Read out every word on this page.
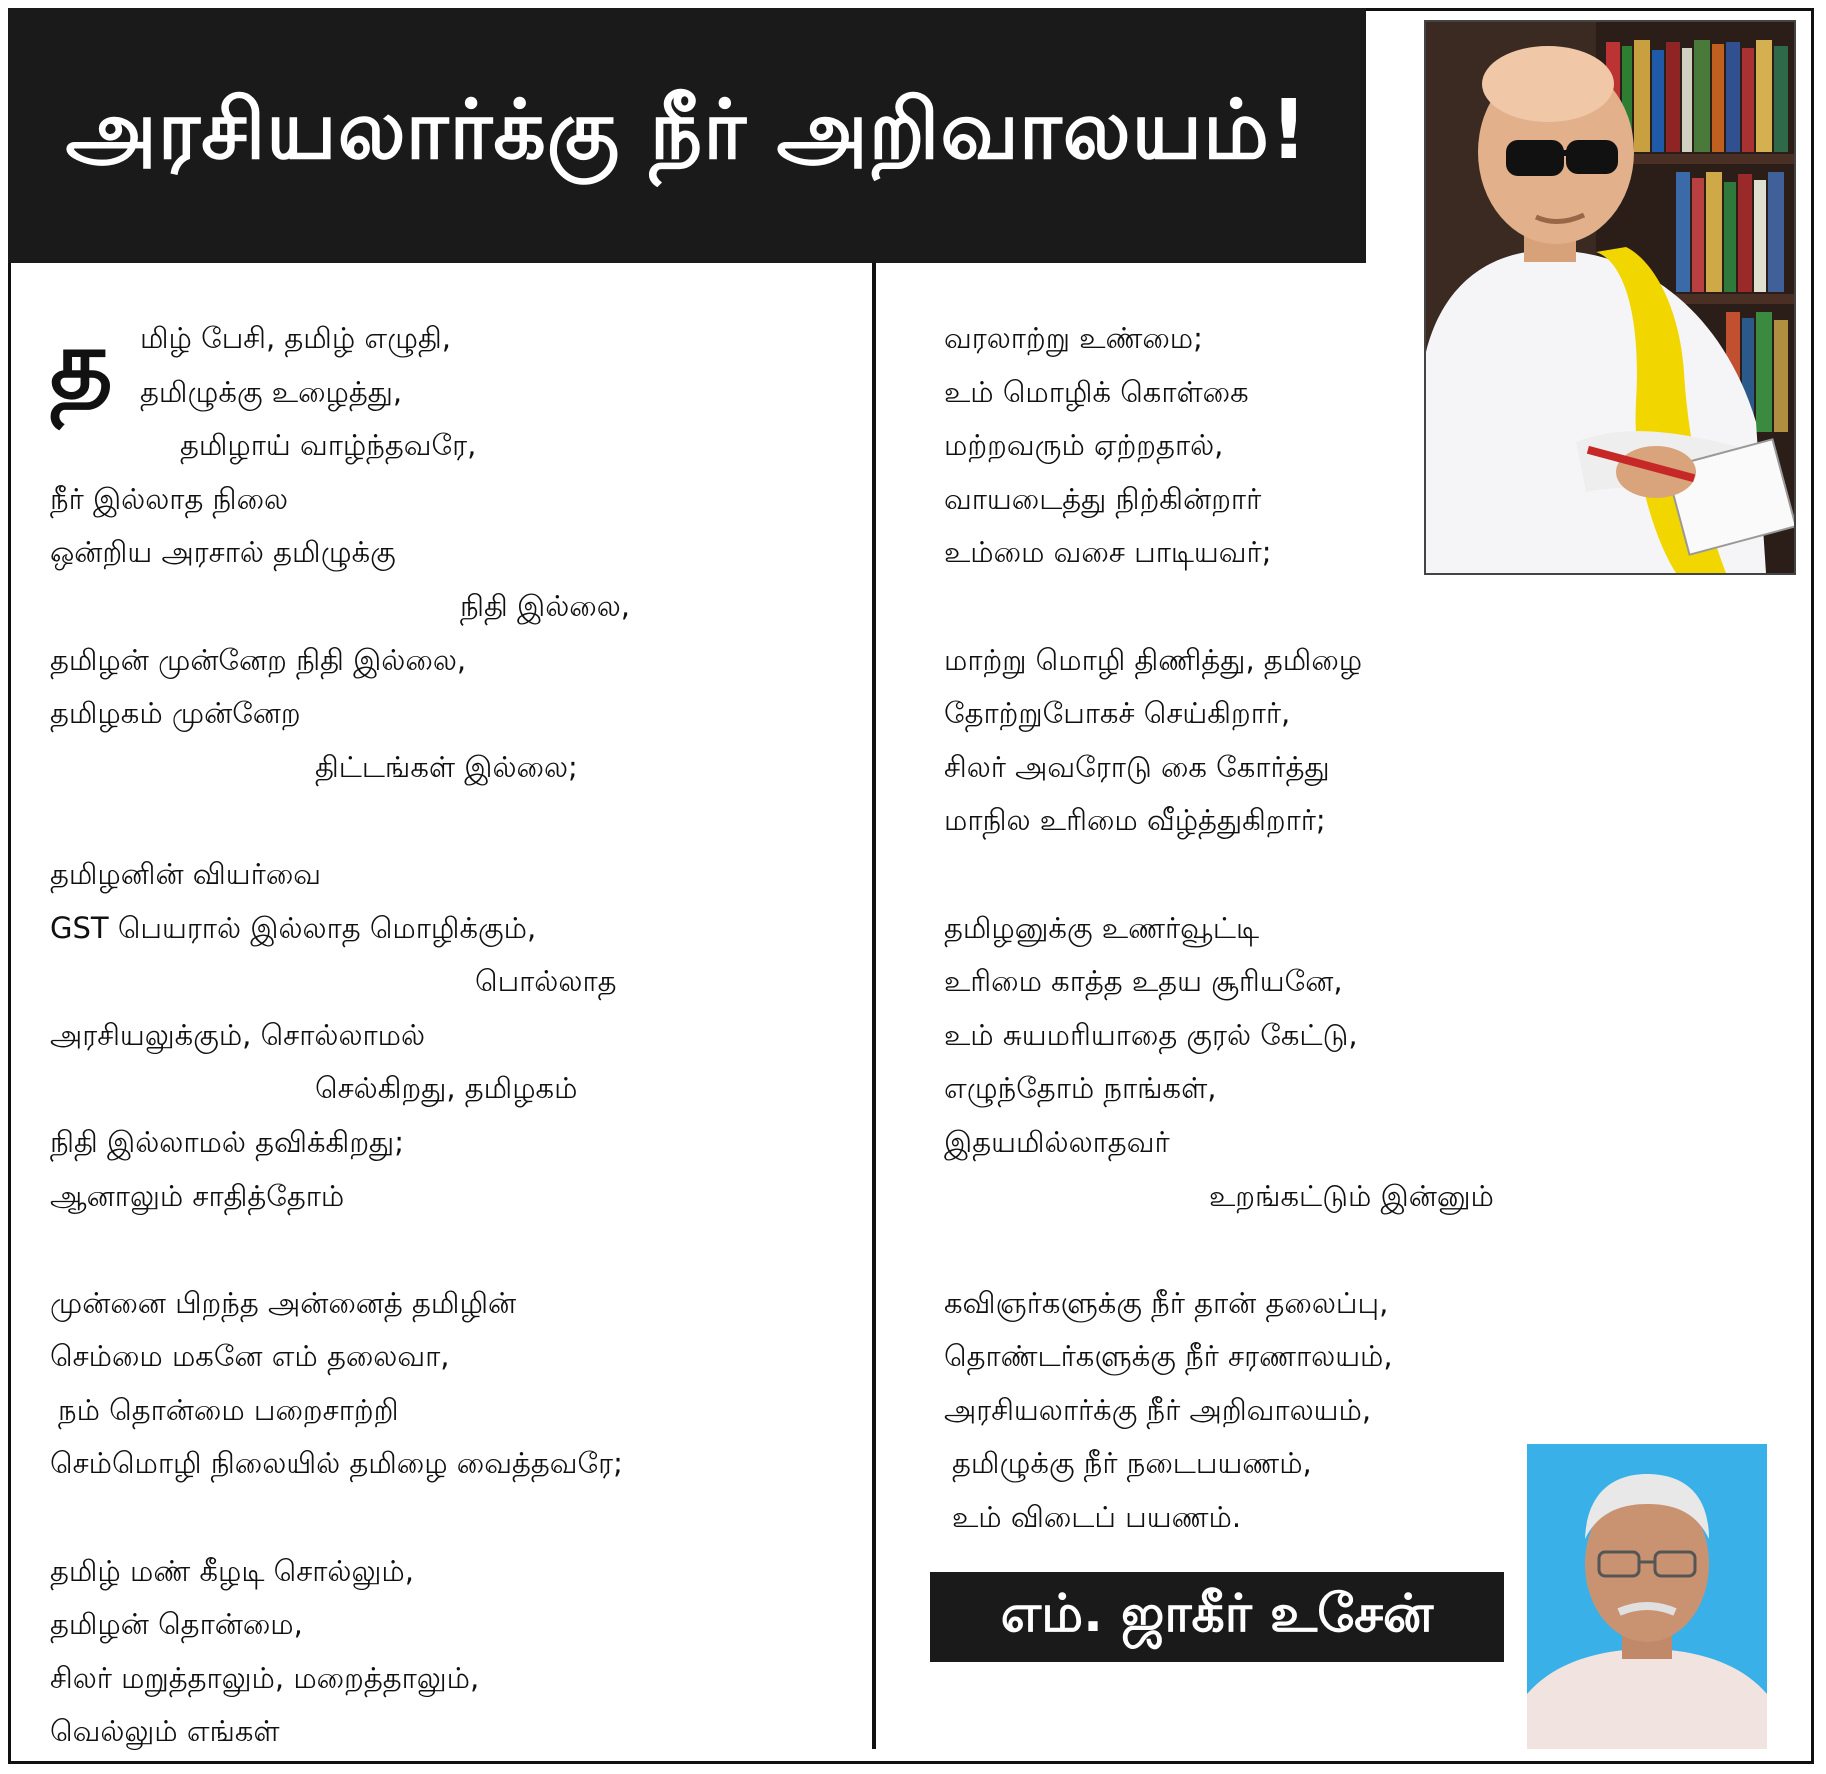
அரசியலார்க்கு நீர் அறிவாலயம்!
த மிழ் பேசி, தமிழ் எழுதி,
தமிழுக்கு உழைத்து,
தமிழாய் வாழ்ந்தவரே,
நீர் இல்லாத நிலை
ஒன்றிய அரசால் தமிழுக்கு
நிதி இல்லை,
தமிழன் முன்னேற நிதி இல்லை,
தமிழகம் முன்னேற
திட்டங்கள் இல்லை;
தமிழனின் வியர்வை
GST பெயரால் இல்லாத மொழிக்கும்,
பொல்லாத
அரசியலுக்கும், சொல்லாமல்
செல்கிறது, தமிழகம்
நிதி இல்லாமல் தவிக்கிறது;
ஆனாலும் சாதித்தோம்
முன்னை பிறந்த அன்னைத் தமிழின்
செம்மை மகனே எம் தலைவா,
நம் தொன்மை பறைசாற்றி
செம்மொழி நிலையில் தமிழை வைத்தவரே;
தமிழ் மண் கீழடி சொல்லும்,
தமிழன் தொன்மை,
சிலர் மறுத்தாலும், மறைத்தாலும்,
வெல்லும் எங்கள்
வரலாற்று உண்மை;
உம் மொழிக் கொள்கை
மற்றவரும் ஏற்றதால்,
வாயடைத்து நிற்கின்றார்
உம்மை வசை பாடியவர்;
மாற்று மொழி திணித்து, தமிழை
தோற்றுபோகச் செய்கிறார்,
சிலர் அவரோடு கை கோர்த்து
மாநில உரிமை வீழ்த்துகிறார்;
தமிழனுக்கு உணர்வூட்டி
உரிமை காத்த உதய சூரியனே,
உம் சுயமரியாதை குரல் கேட்டு,
எழுந்தோம் நாங்கள்,
இதயமில்லாதவர்
உறங்கட்டும் இன்னும்
கவிஞர்களுக்கு நீர் தான் தலைப்பு,
தொண்டர்களுக்கு நீர் சரணாலயம்,
அரசியலார்க்கு நீர் அறிவாலயம்,
தமிழுக்கு நீர் நடைபயணம்,
உம் விடைப் பயணம்.
எம். ஜாகீர் உசேன்
